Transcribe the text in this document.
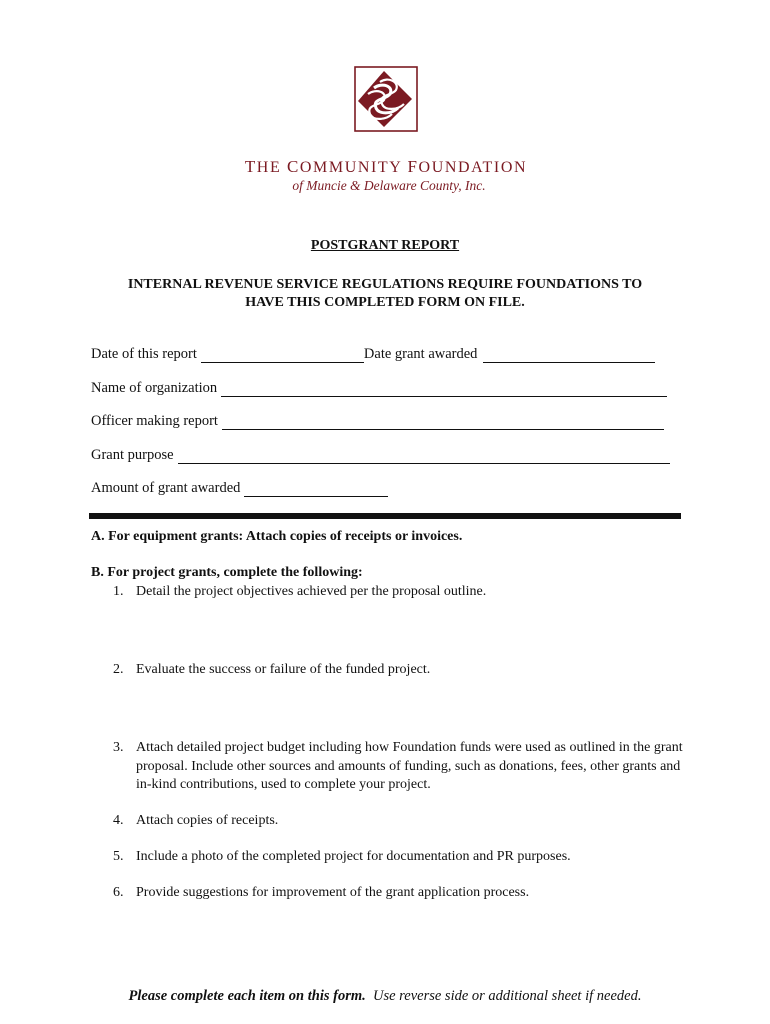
THE COMMUNITY FOUNDATION
of Muncie & Delaware County, Inc.
POSTGRANT REPORT
INTERNAL REVENUE SERVICE REGULATIONS REQUIRE FOUNDATIONS TO
HAVE THIS COMPLETED FORM ON FILE.
Date of this report	Date grant awarded
Name of organization
Officer making report
Grant purpose
Amount of grant awarded
A. For equipment grants: Attach copies of receipts or invoices.
B. For project grants, complete the following:
1. Detail the project objectives achieved per the proposal outline.
2. Evaluate the success or failure of the funded project.
3. Attach detailed project budget including how Foundation funds were used as outlined in the grant proposal. Include other sources and amounts of funding, such as donations, fees, other grants and in-kind contributions, used to complete your project.
4. Attach copies of receipts.
5. Include a photo of the completed project for documentation and PR purposes.
6. Provide suggestions for improvement of the grant application process.
Please complete each item on this form. Use reverse side or additional sheet if needed.
